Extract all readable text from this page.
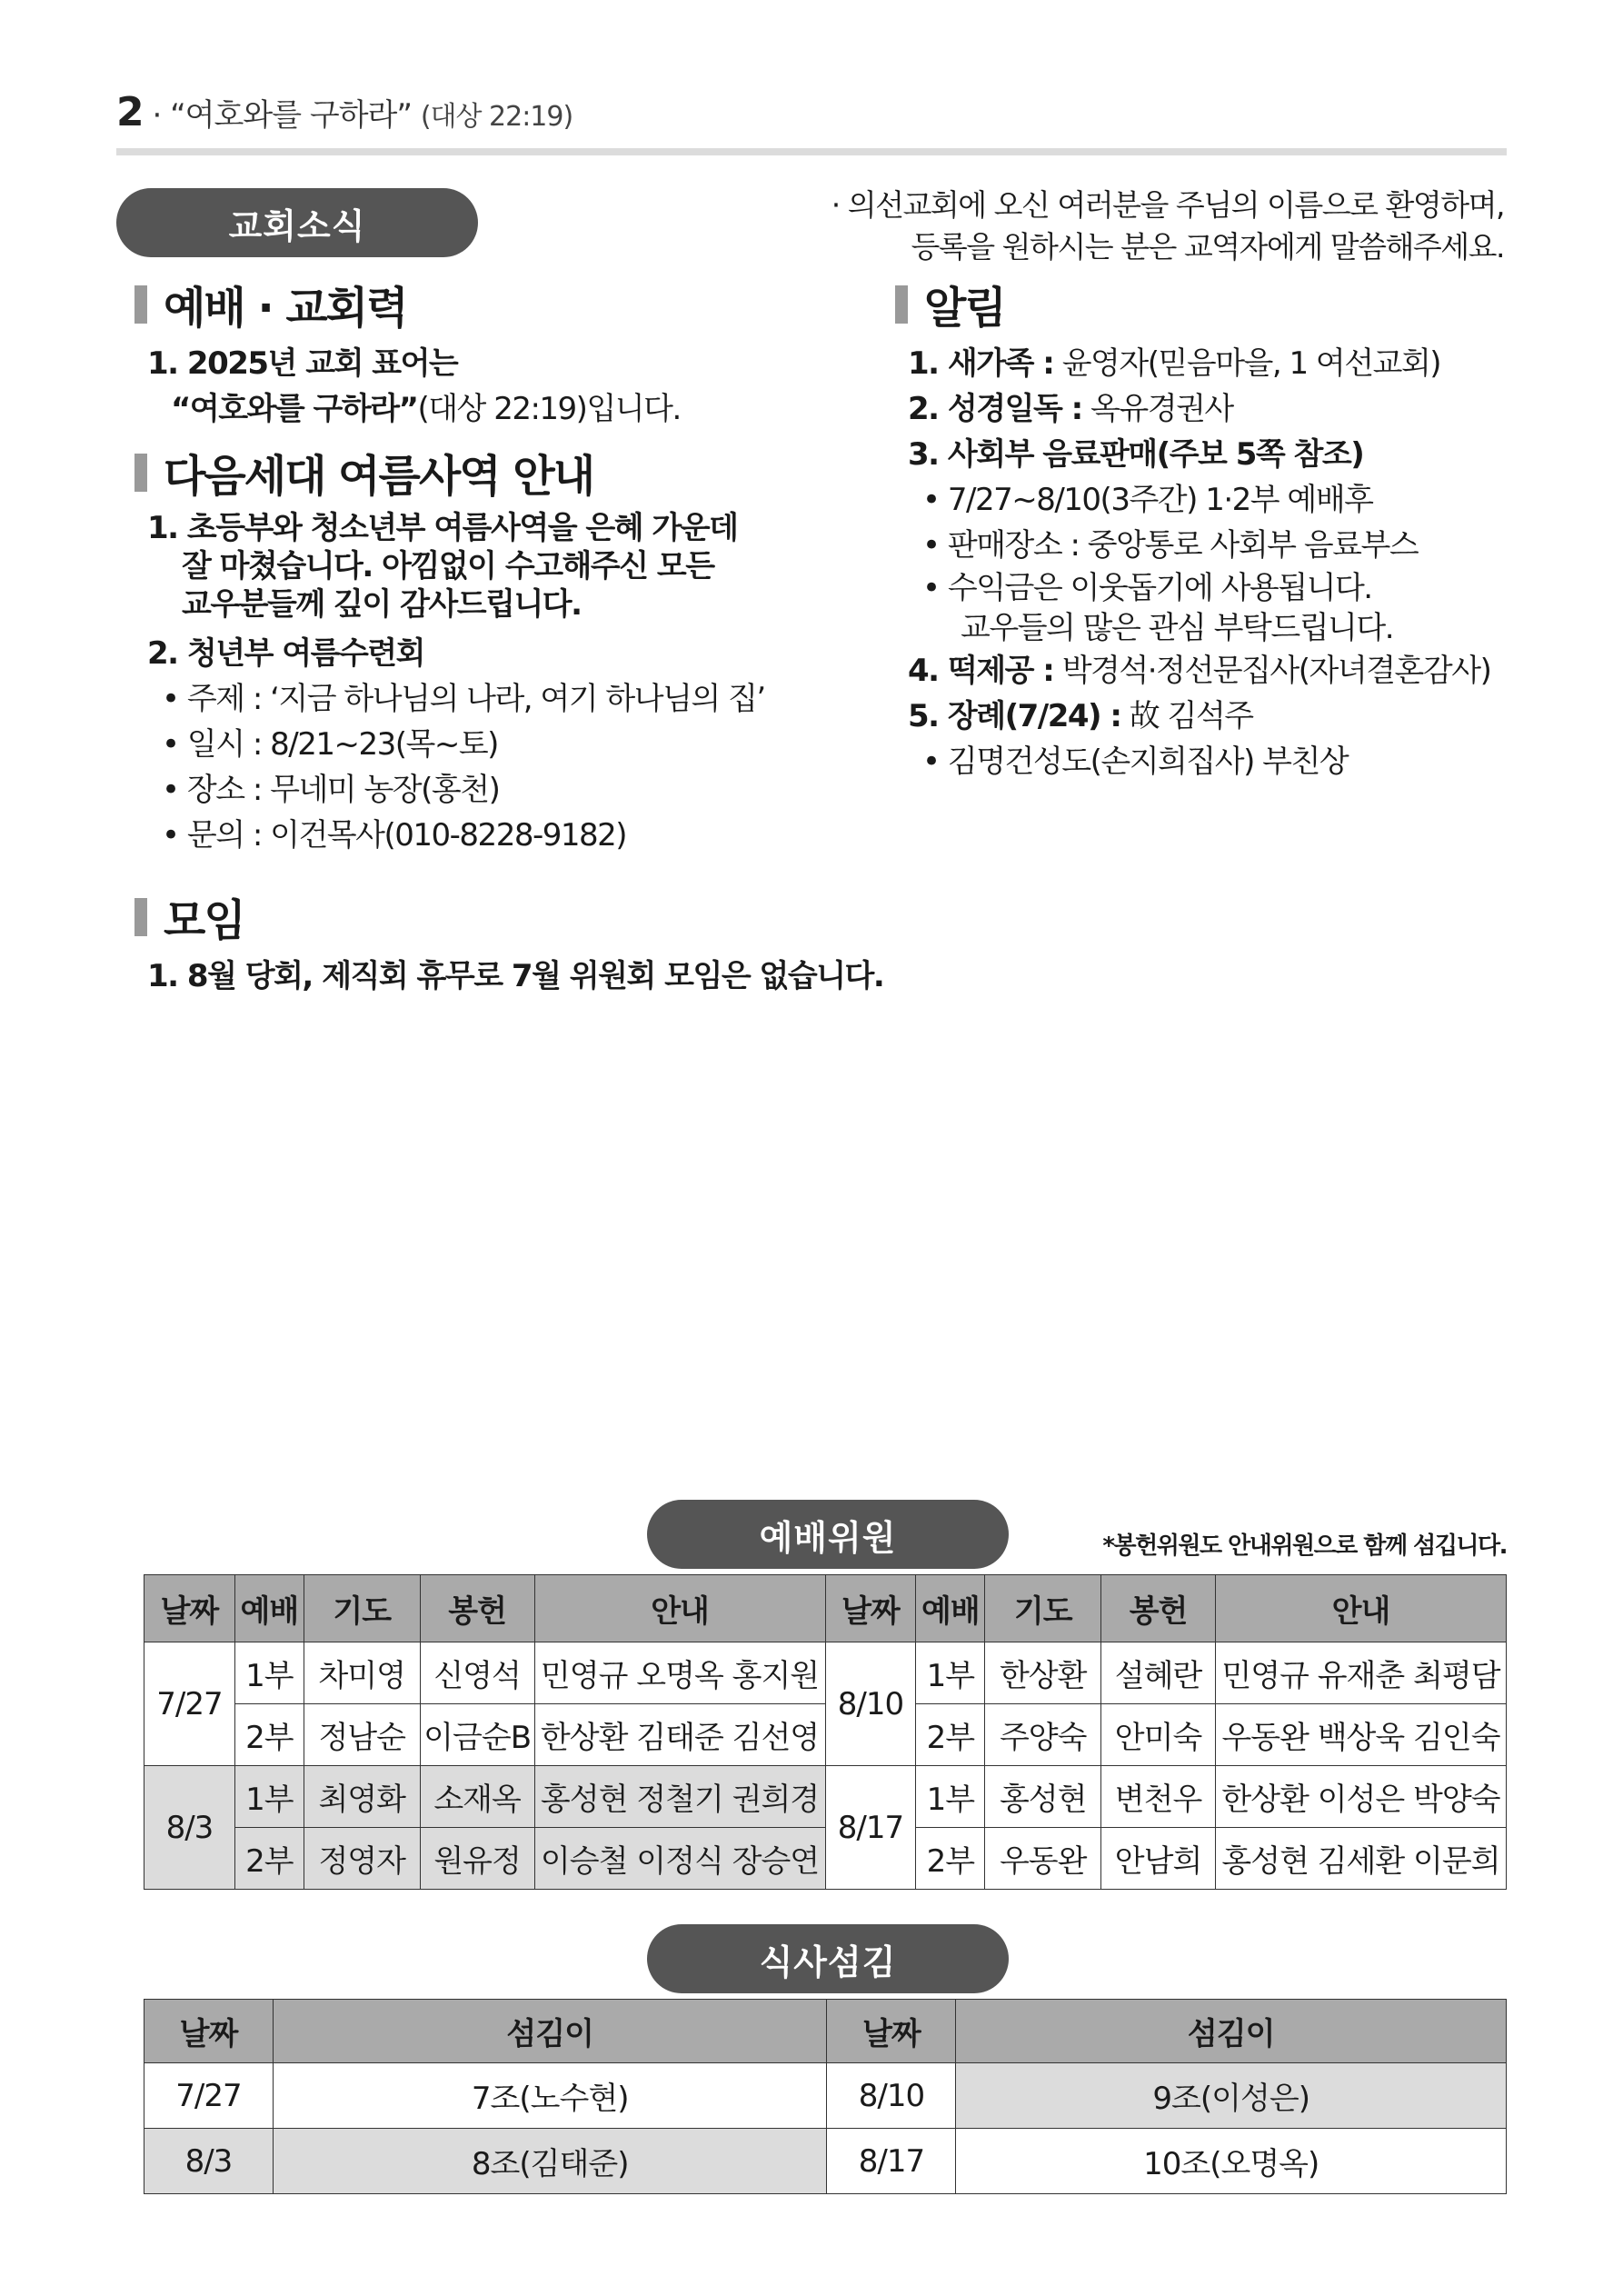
2 · “여호와를 구하라” (대상 22:19)
교회소식
· 의선교회에 오신 여러분을 주님의 이름으로 환영하며,
등록을 원하시는 분은 교역자에게 말씀해주세요.
예배 · 교회력
1. 2025년 교회 표어는
“여호와를 구하라”(대상 22:19)입니다.
다음세대 여름사역 안내
1. 초등부와 청소년부 여름사역을 은혜 가운데
잘 마쳤습니다. 아낌없이 수고해주신 모든
교우분들께 깊이 감사드립니다.
2. 청년부 여름수련회
• 주제 : ‘지금 하나님의 나라, 여기 하나님의 집’
• 일시 : 8/21~23(목~토)
• 장소 : 무네미 농장(홍천)
• 문의 : 이건목사(010-8228-9182)
모임
1. 8월 당회, 제직회 휴무로 7월 위원회 모임은 없습니다.
알림
1. 새가족 : 윤영자(믿음마을, 1 여선교회)
2. 성경일독 : 옥유경권사
3. 사회부 음료판매(주보 5쪽 참조)
• 7/27~8/10(3주간) 1·2부 예배후
• 판매장소 : 중앙통로 사회부 음료부스
• 수익금은 이웃돕기에 사용됩니다.
교우들의 많은 관심 부탁드립니다.
4. 떡제공 : 박경석·정선문집사(자녀결혼감사)
5. 장례(7/24) : 故 김석주
• 김명건성도(손지희집사) 부친상
예배위원	*봉헌위원도 안내위원으로 함께 섬깁니다.
날짜	예배	기도	봉헌	안내	날짜	예배	기도	봉헌	안내
7/27	1부	차미영	신영석	민영규 오명옥 홍지원	8/10	1부	한상환	설혜란	민영규 유재춘 최평담
	2부	정남순	이금순B	한상환 김태준 김선영		2부	주양숙	안미숙	우동완 백상욱 김인숙
8/3	1부	최영화	소재옥	홍성현 정철기 권희경	8/17	1부	홍성현	변천우	한상환 이성은 박양숙
	2부	정영자	원유정	이승철 이정식 장승연		2부	우동완	안남희	홍성현 김세환 이문희
식사섬김
날짜	섬김이	날짜	섬김이
7/27	7조(노수현)	8/10	9조(이성은)
8/3	8조(김태준)	8/17	10조(오명옥)
